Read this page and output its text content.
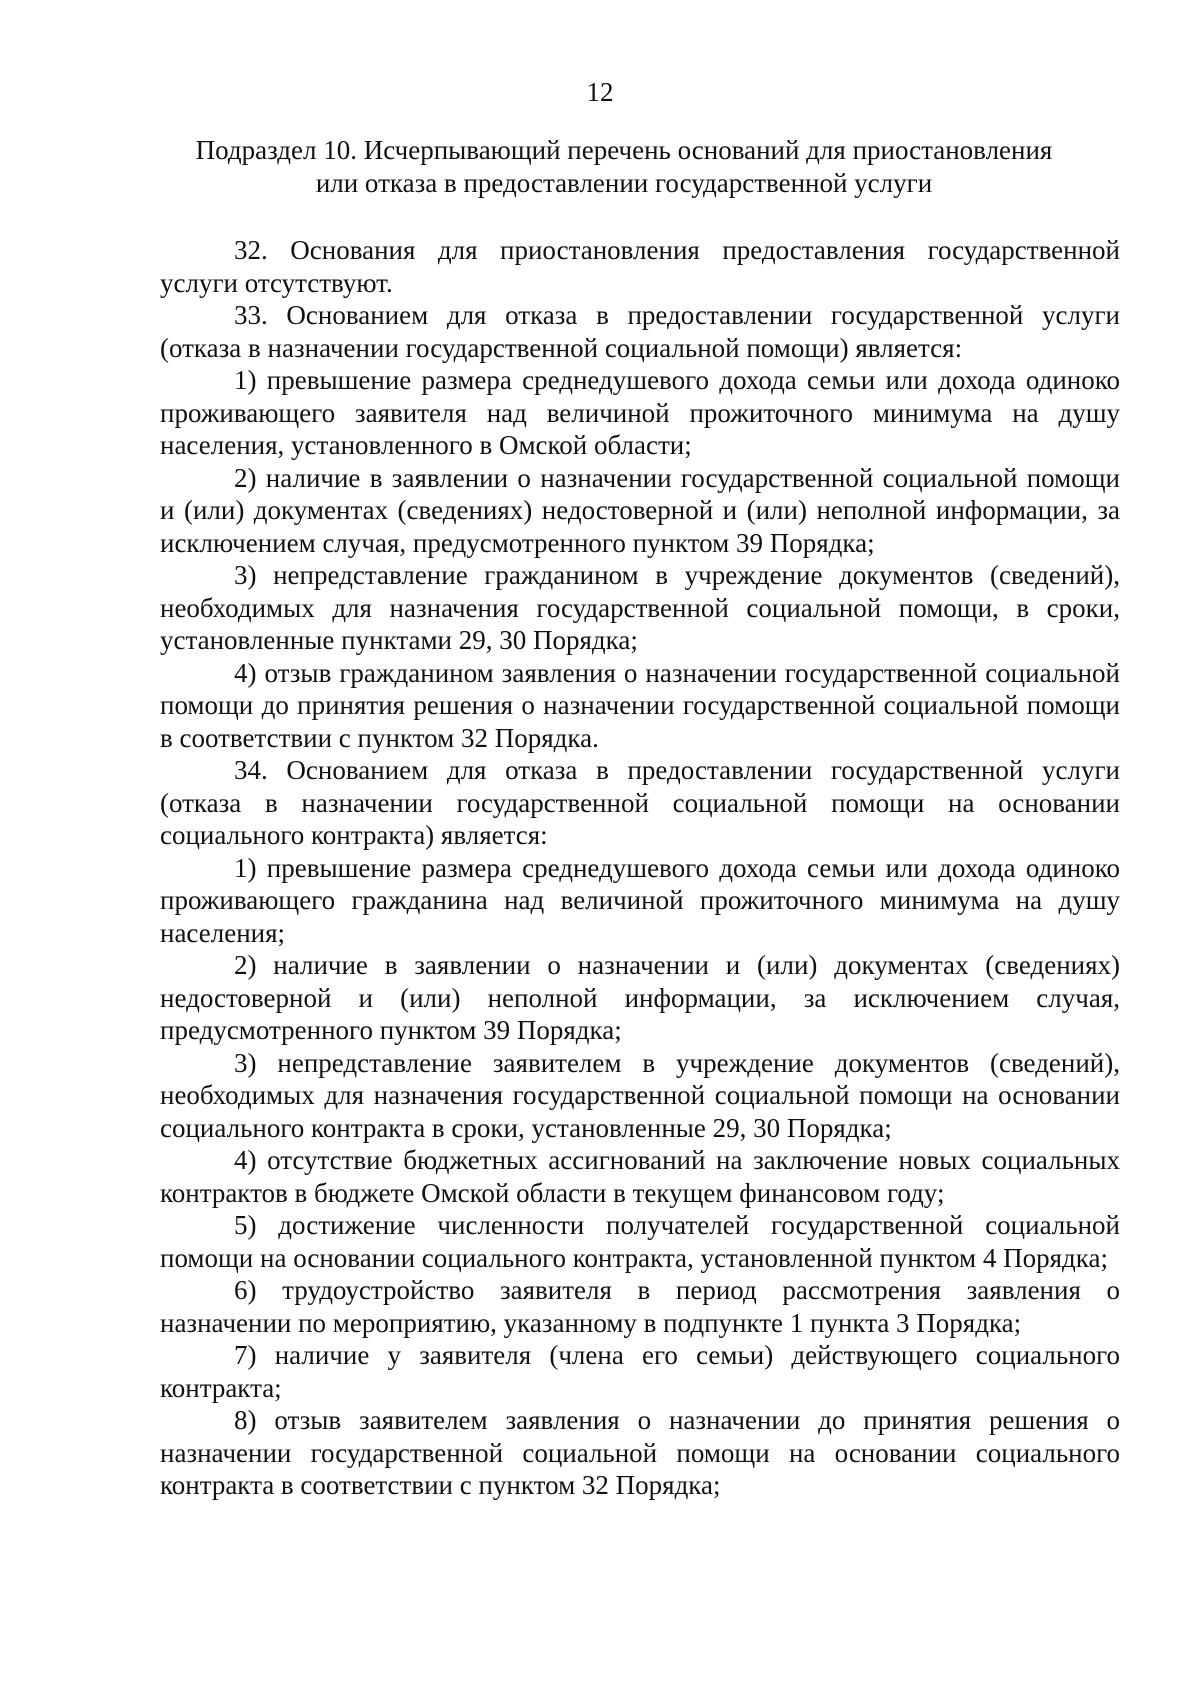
12
Подраздел 10. Исчерпывающий перечень оснований для приостановления
или отказа в предоставлении государственной услуги

32. Основания для приостановления предоставления государственной услуги отсутствуют.

33. Основанием для отказа в предоставлении государственной услуги (отказа в назначении государственной социальной помощи) является:

1) превышение размера среднедушевого дохода семьи или дохода одиноко проживающего заявителя над величиной прожиточного минимума на душу населения, установленного в Омской области;

2) наличие в заявлении о назначении государственной социальной помощи и (или) документах (сведениях) недостоверной и (или) неполной информации, за исключением случая, предусмотренного пунктом 39 Порядка;

3) непредставление гражданином в учреждение документов (сведений), необходимых для назначения государственной социальной помощи, в сроки, установленные пунктами 29, 30 Порядка;

4) отзыв гражданином заявления о назначении государственной социальной помощи до принятия решения о назначении государственной социальной помощи в соответствии с пунктом 32 Порядка.

34. Основанием для отказа в предоставлении государственной услуги (отказа в назначении государственной социальной помощи на основании социального контракта) является:

1) превышение размера среднедушевого дохода семьи или дохода одиноко проживающего гражданина над величиной прожиточного минимума на душу населения;

2) наличие в заявлении о назначении и (или) документах (сведениях) недостоверной и (или) неполной информации, за исключением случая, предусмотренного пунктом 39 Порядка;

3) непредставление заявителем в учреждение документов (сведений), необходимых для назначения государственной социальной помощи на основании социального контракта в сроки, установленные 29, 30 Порядка;

4) отсутствие бюджетных ассигнований на заключение новых социальных контрактов в бюджете Омской области в текущем финансовом году;

5) достижение численности получателей государственной социальной помощи на основании социального контракта, установленной пунктом 4 Порядка;

6) трудоустройство заявителя в период рассмотрения заявления о назначении по мероприятию, указанному в подпункте 1 пункта 3 Порядка;

7) наличие у заявителя (члена его семьи) действующего социального контракта;

8) отзыв заявителем заявления о назначении до принятия решения о назначении государственной социальной помощи на основании социального контракта в соответствии с пунктом 32 Порядка;
